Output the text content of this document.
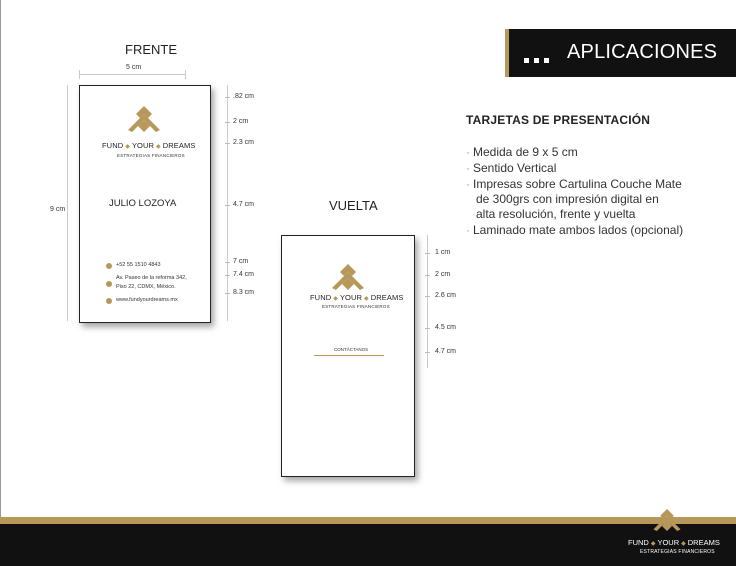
APLICACIONES
FRENTE
5 cm
9 cm
FUND ◆ YOUR ◆ DREAMS
ESTRATEGIAS FINANCIEROS
JULIO LOZOYA
+52 55 1510 4843
Av. Paseo de la reforma 342,
Piso 22, CDMX, México.
www.fundyourdreams.mx
.82 cm
2 cm
2.3 cm
4.7 cm
7 cm
7.4 cm
8.3 cm
VUELTA
FUND ◆ YOUR ◆ DREAMS
ESTRATEGIAS FINANCIEROS
CONTÁCTANOS
1 cm
2 cm
2.6 cm
4.5 cm
4.7 cm
TARJETAS DE PRESENTACIÓN
· Medida de 9 x 5 cm
· Sentido Vertical
· Impresas sobre Cartulina Couche Mate
de 300grs con impresión digital en
alta resolución, frente y vuelta
· Laminado mate ambos lados (opcional)
FUND ◆ YOUR ◆ DREAMS
ESTRATEGIAS FINANCIEROS
